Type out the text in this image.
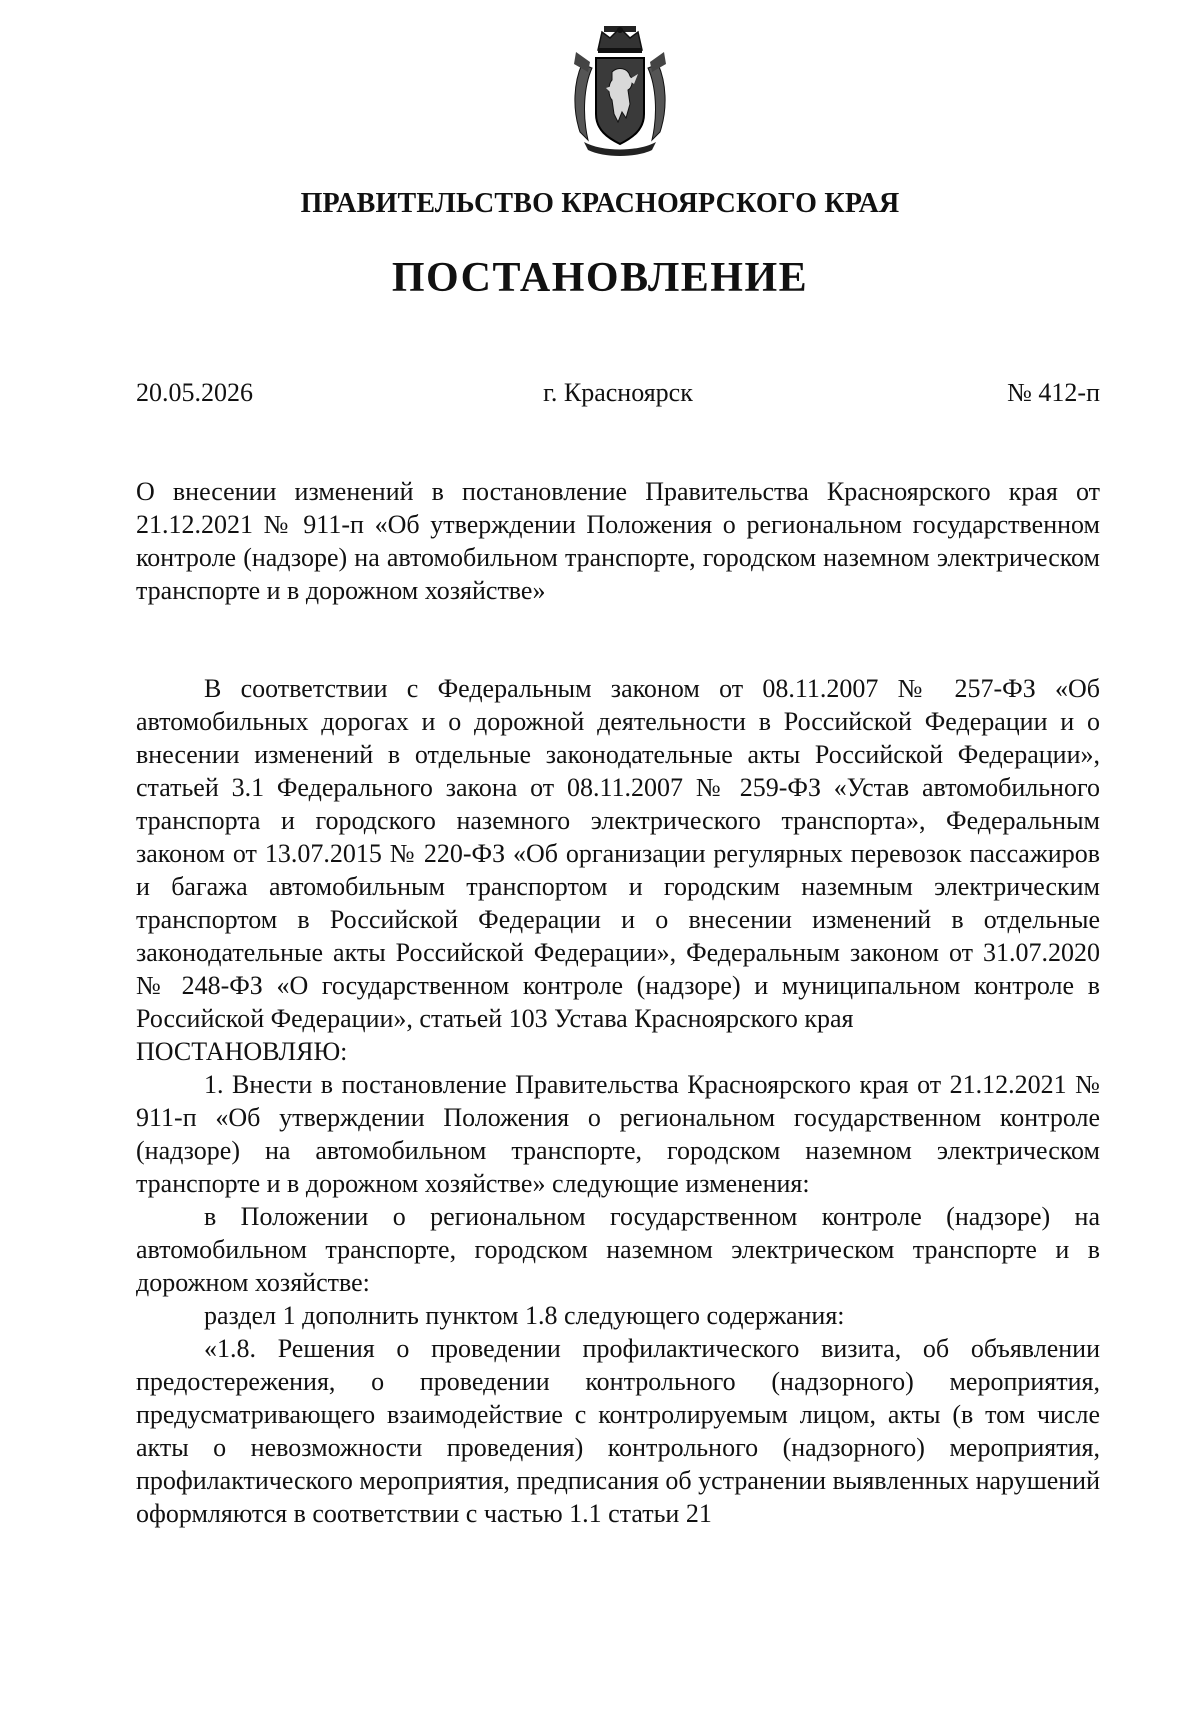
ПРАВИТЕЛЬСТВО КРАСНОЯРСКОГО КРАЯ
ПОСТАНОВЛЕНИЕ
20.05.2026	г. Красноярск	№ 412-п
О внесении изменений в постановление Правительства Красноярского края от 21.12.2021 № 911-п «Об утверждении Положения о региональном государственном контроле (надзоре) на автомобильном транспорте, городском наземном электрическом транспорте и в дорожном хозяйстве»

В соответствии с Федеральным законом от 08.11.2007 № 257-ФЗ «Об автомобильных дорогах и о дорожной деятельности в Российской Федерации и о внесении изменений в отдельные законодательные акты Российской Федерации», статьей 3.1 Федерального закона от 08.11.2007 № 259-ФЗ «Устав автомобильного транспорта и городского наземного электрического транспорта», Федеральным законом от 13.07.2015 № 220-ФЗ «Об организации регулярных перевозок пассажиров и багажа автомобильным транспортом и городским наземным электрическим транспортом в Российской Федерации и о внесении изменений в отдельные законодательные акты Российской Федерации», Федеральным законом от 31.07.2020 № 248-ФЗ «О государственном контроле (надзоре) и муниципальном контроле в Российской Федерации», статьей 103 Устава Красноярского края

ПОСТАНОВЛЯЮ:

1. Внести в постановление Правительства Красноярского края от 21.12.2021 № 911-п «Об утверждении Положения о региональном государственном контроле (надзоре) на автомобильном транспорте, городском наземном электрическом транспорте и в дорожном хозяйстве» следующие изменения:

в Положении о региональном государственном контроле (надзоре) на автомобильном транспорте, городском наземном электрическом транспорте и в дорожном хозяйстве:

раздел 1 дополнить пунктом 1.8 следующего содержания:

«1.8. Решения о проведении профилактического визита, об объявлении предостережения, о проведении контрольного (надзорного) мероприятия, предусматривающего взаимодействие с контролируемым лицом, акты (в том числе акты о невозможности проведения) контрольного (надзорного) мероприятия, профилактического мероприятия, предписания об устранении выявленных нарушений оформляются в соответствии с частью 1.1 статьи 21
